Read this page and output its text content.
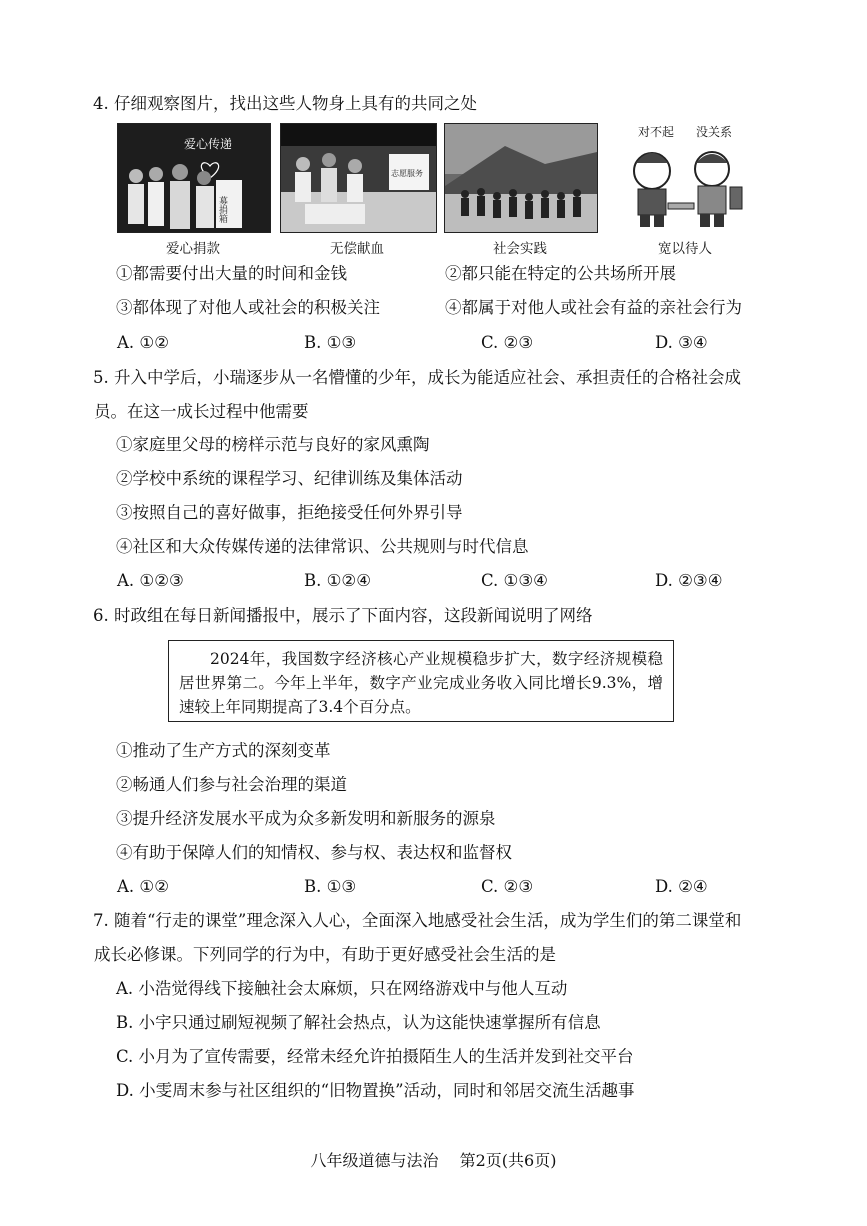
4. 仔细观察图片，找出这些人物身上具有的共同之处
爱心传递
募捐箱
志愿服务
对不起 没关系
爱心捐款	无偿献血	社会实践	宽以待人
①都需要付出大量的时间和金钱	②都只能在特定的公共场所开展
③都体现了对他人或社会的积极关注	④都属于对他人或社会有益的亲社会行为
A. ①②	B. ①③	C. ②③	D. ③④
5. 升入中学后，小瑞逐步从一名懵懂的少年，成长为能适应社会、承担责任的合格社会成
员。在这一成长过程中他需要
①家庭里父母的榜样示范与良好的家风熏陶
②学校中系统的课程学习、纪律训练及集体活动
③按照自己的喜好做事，拒绝接受任何外界引导
④社区和大众传媒传递的法律常识、公共规则与时代信息
A. ①②③	B. ①②④	C. ①③④	D. ②③④
6. 时政组在每日新闻播报中，展示了下面内容，这段新闻说明了网络

2024年，我国数字经济核心产业规模稳步扩大，数字经济规模稳居世界第二。今年上半年，数字产业完成业务收入同比增长9.3%，增速较上年同期提高了3.4个百分点。

①推动了生产方式的深刻变革
②畅通人们参与社会治理的渠道
③提升经济发展水平成为众多新发明和新服务的源泉
④有助于保障人们的知情权、参与权、表达权和监督权
A. ①②	B. ①③	C. ②③	D. ②④
7. 随着“行走的课堂”理念深入人心，全面深入地感受社会生活，成为学生们的第二课堂和
成长必修课。下列同学的行为中，有助于更好感受社会生活的是
A. 小浩觉得线下接触社会太麻烦，只在网络游戏中与他人互动
B. 小宇只通过刷短视频了解社会热点，认为这能快速掌握所有信息
C. 小月为了宣传需要，经常未经允许拍摄陌生人的生活并发到社交平台
D. 小雯周末参与社区组织的“旧物置换”活动，同时和邻居交流生活趣事
八年级道德与法治 第2页(共6页)
